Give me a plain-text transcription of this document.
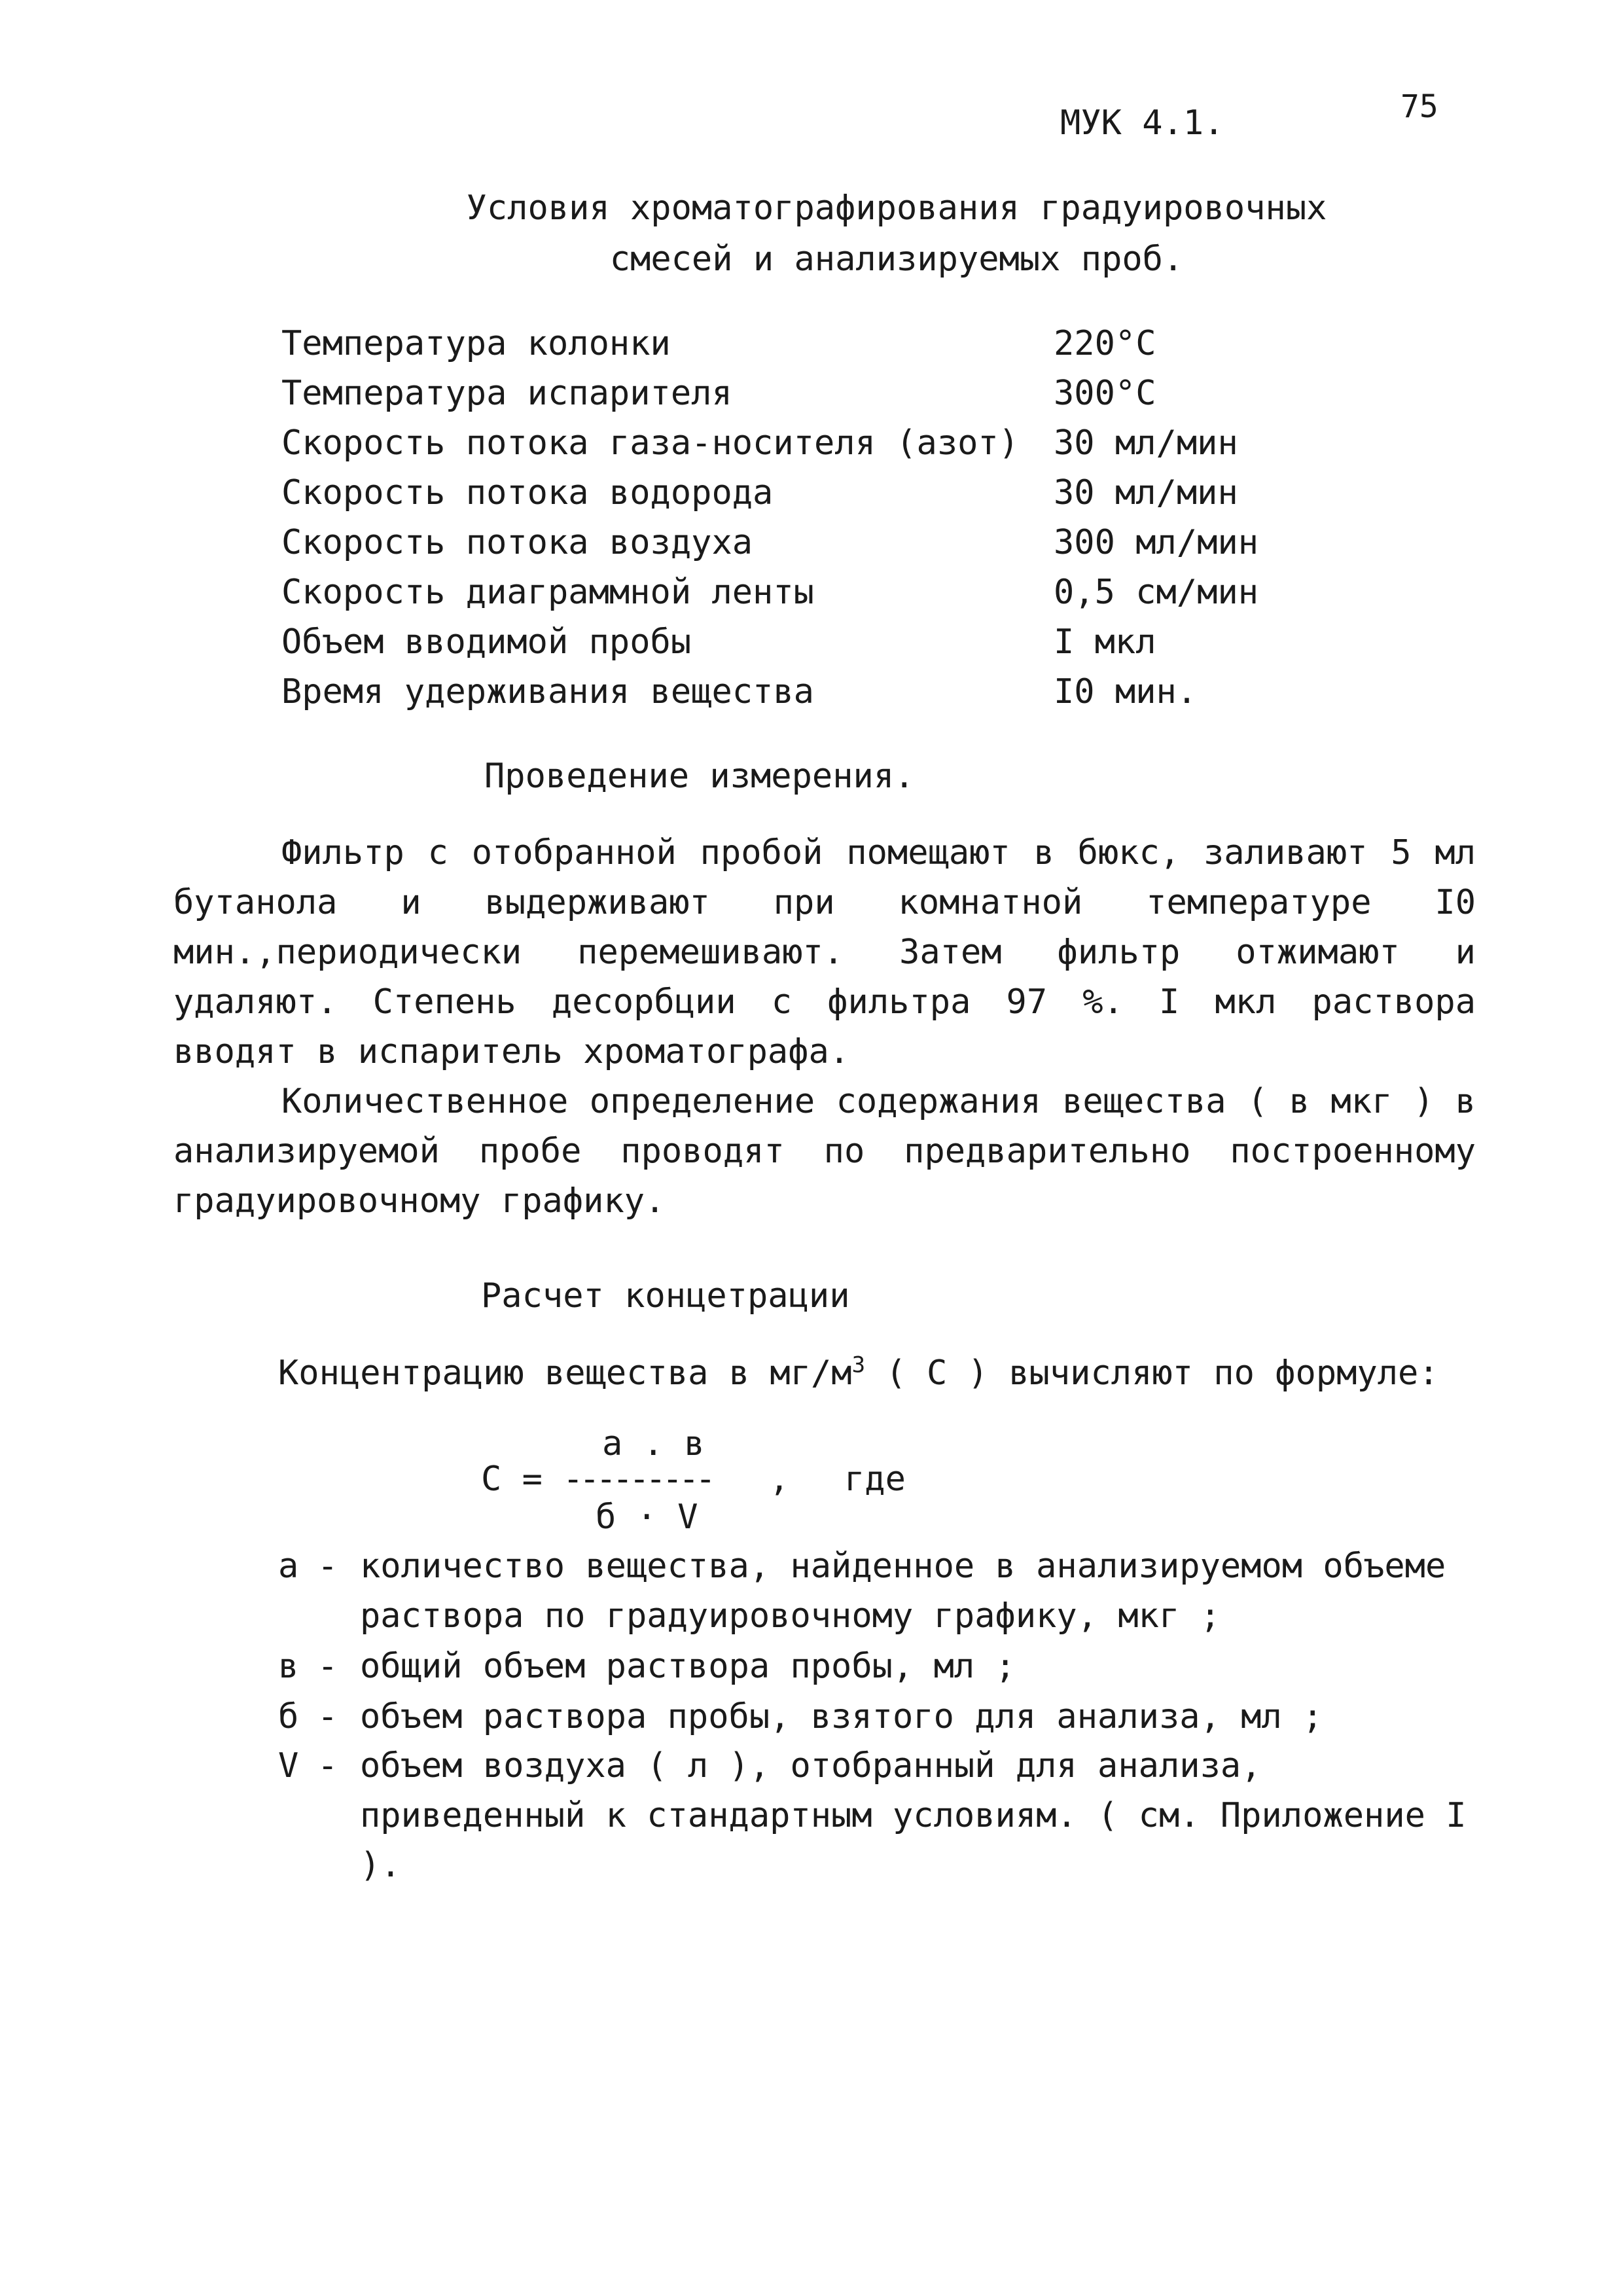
МУК 4.1.	75
Условия хроматографирования градуировочных
смесей и анализируемых проб.
Температура колонки	220°С
Температура испарителя	300°С
Скорость потока газа-носителя (азот) 30 мл/мин
Скорость потока водорода	30 мл/мин
Скорость потока воздуха	300 мл/мин
Скорость диаграммной ленты	0,5 см/мин
Объем вводимой пробы	I мкл
Время удерживания вещества	I0 мин.
Проведение измерения.

Фильтр с отобранной пробой помещают в бюкс, заливают 5 мл бутанола и выдерживают при комнатной температуре I0 мин.,периодически перемешивают. Затем фильтр отжимают и удаляют. Степень десорбции с фильтра 97 %. I мкл раствора вводят в испаритель хроматографа.

Количественное определение содержания вещества ( в мкг ) в анализируемой пробе проводят по предварительно построенному градуировочному графику.

Расчет концетрации
Концентрацию вещества в $мг/м^3$ ( С ) вычисляют по формуле:
С =
а . в
---------
б · V
, где
а - количество вещества, найденное в анализируемом объеме раствора по градуировочному графику, мкг ;
в - общий объем раствора пробы, мл ;
б - объем раствора пробы, взятого для анализа, мл ;
V - объем воздуха ( л ), отобранный для анализа, приведенный к стандартным условиям. ( см. Приложение I ).
